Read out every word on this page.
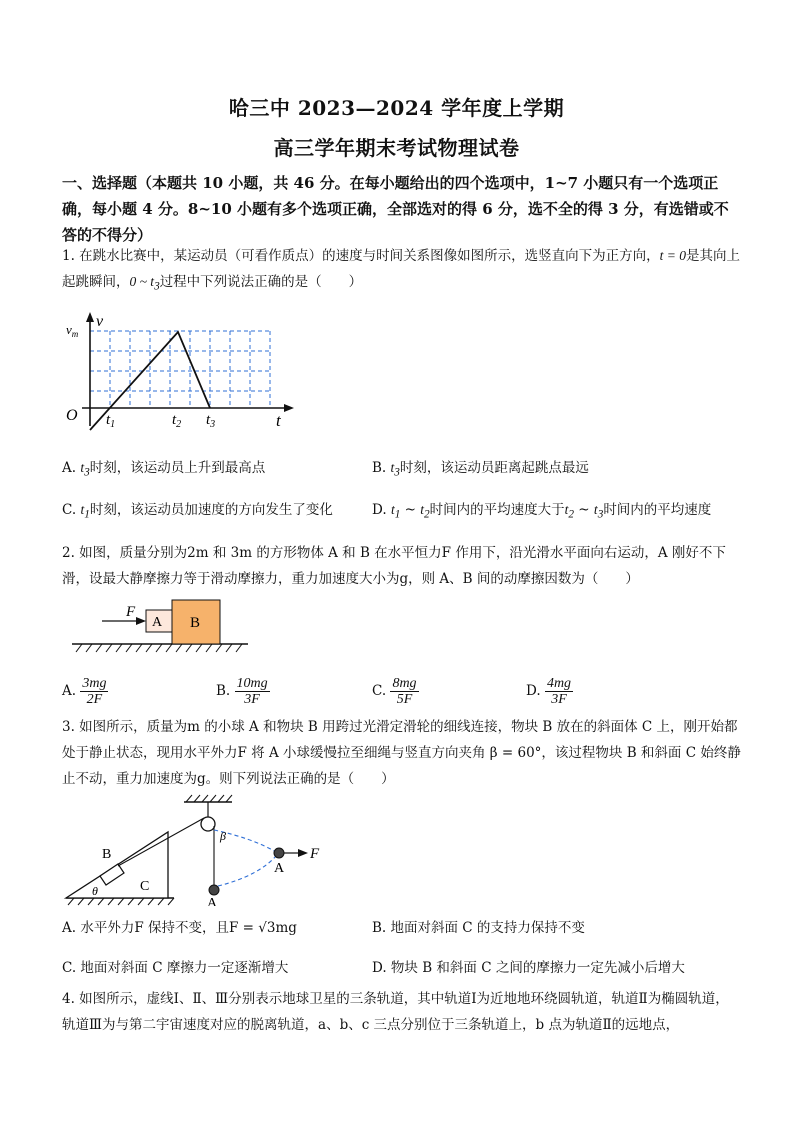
哈三中 2023—2024 学年度上学期
高三学年期末考试物理试卷
一、选择题（本题共 10 小题，共 46 分。在每小题给出的四个选项中，1~7 小题只有一个选项正确，每小题 4 分。8~10 小题有多个选项正确，全部选对的得 6 分，选不全的得 3 分，有选错或不答的不得分）
1. 在跳水比赛中，某运动员（可看作质点）的速度与时间关系图像如图所示，选竖直向下为正方向，t = 0是其向上起跳瞬间，0 ~ $t_3$过程中下列说法正确的是（　　）
v
$v_m$
O	t
$t_1$	$t_2$ $t_3$
A. $t_3$时刻，该运动员上升到最高点	B. $t_3$时刻，该运动员距离起跳点最远
C. $t_1$时刻，该运动员加速度的方向发生了变化	D. $t_1$ ~ $t_2$时间内的平均速度大于$t_2$ ~ $t_3$时间内的平均速度
2. 如图，质量分别为2m 和 3m 的方形物体 A 和 B 在水平恒力F 作用下，沿光滑水平面向右运动，A 刚好不下滑，设最大静摩擦力等于滑动摩擦力，重力加速度大小为g，则 A、B 间的动摩擦因数为（　　）
F
A B
A. $\frac{3mg}{2F}$	B. $\frac{10mg}{3F}$	C. $\frac{8mg}{5F}$	D. $\frac{4mg}{3F}$
3. 如图所示，质量为m 的小球 A 和物块 B 用跨过光滑定滑轮的细线连接，物块 B 放在的斜面体 C 上，刚开始都处于静止状态，现用水平外力F 将 A 小球缓慢拉至细绳与竖直方向夹角 β = 60°，该过程物块 B 和斜面 C 始终静止不动，重力加速度为g。则下列说法正确的是（　　）
B
C
θ
β
A
A
F
A. 水平外力F 保持不变，且F = √3mg	B. 地面对斜面 C 的支持力保持不变
C. 地面对斜面 C 摩擦力一定逐渐增大	D. 物块 B 和斜面 C 之间的摩擦力一定先减小后增大
4. 如图所示，虚线Ⅰ、Ⅱ、Ⅲ分别表示地球卫星的三条轨道，其中轨道Ⅰ为近地地环绕圆轨道，轨道Ⅱ为椭圆轨道，轨道Ⅲ为与第二宇宙速度对应的脱离轨道，a、b、c 三点分别位于三条轨道上，b 点为轨道Ⅱ的远地点，
